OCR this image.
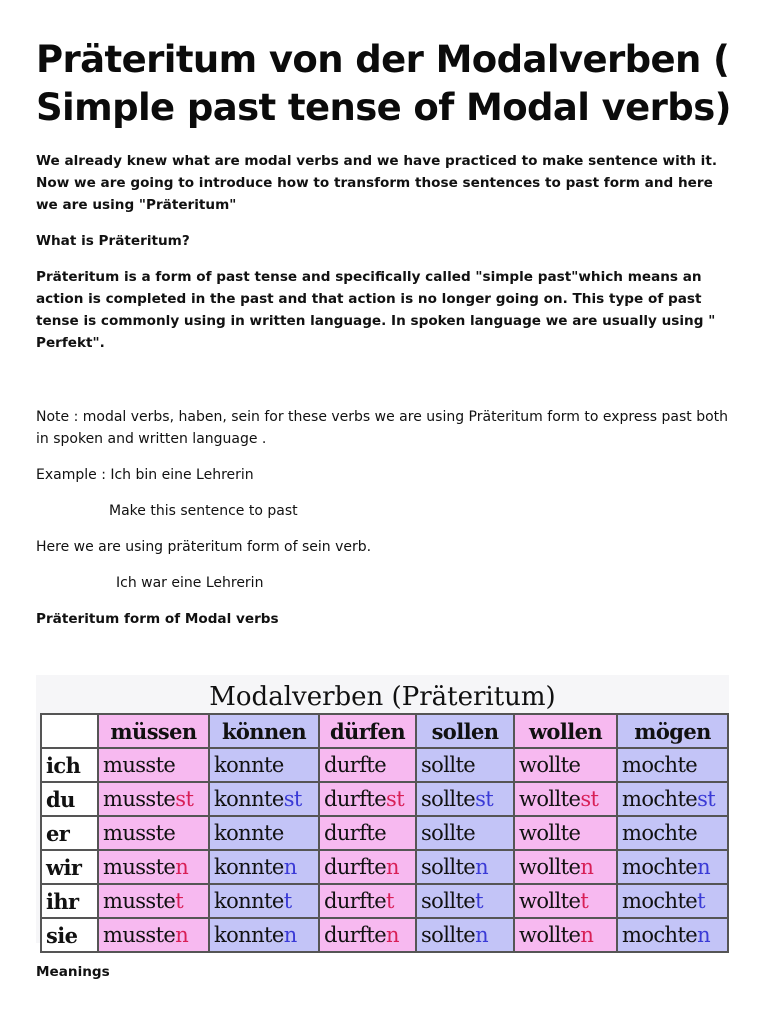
Präteritum von der Modalverben ( Simple past tense of Modal verbs)
We already knew what are modal verbs and we have practiced to make sentence with it. Now we are going to introduce how to transform those sentences to past form and here we are using "Präteritum"
What is Präteritum?
Präteritum is a form of past tense and specifically called "simple past"which means an action is completed in the past and that action is no longer going on. This type of past tense is commonly using in written language. In spoken language we are usually using " Perfekt".
Note : modal verbs, haben, sein for these verbs we are using Präteritum form to express past both in spoken and written language .
Example : Ich bin eine Lehrerin
Make this sentence to past
Here we are using präteritum form of sein verb.
Ich war eine Lehrerin
Präteritum form of Modal verbs
Modalverben (Präteritum)
	müssen	können	dürfen	sollen	wollen	mögen
ich	musste	konnte	durfte	sollte	wollte	mochte
du	musstest	konntest	durftest	solltest	wolltest	mochtest
er	musste	konnte	durfte	sollte	wollte	mochte
wir	mussten	konnten	durften	sollten	wollten	mochten
ihr	musstet	konntet	durftet	solltet	wolltet	mochtet
sie	mussten	konnten	durften	sollten	wollten	mochten
Meanings
